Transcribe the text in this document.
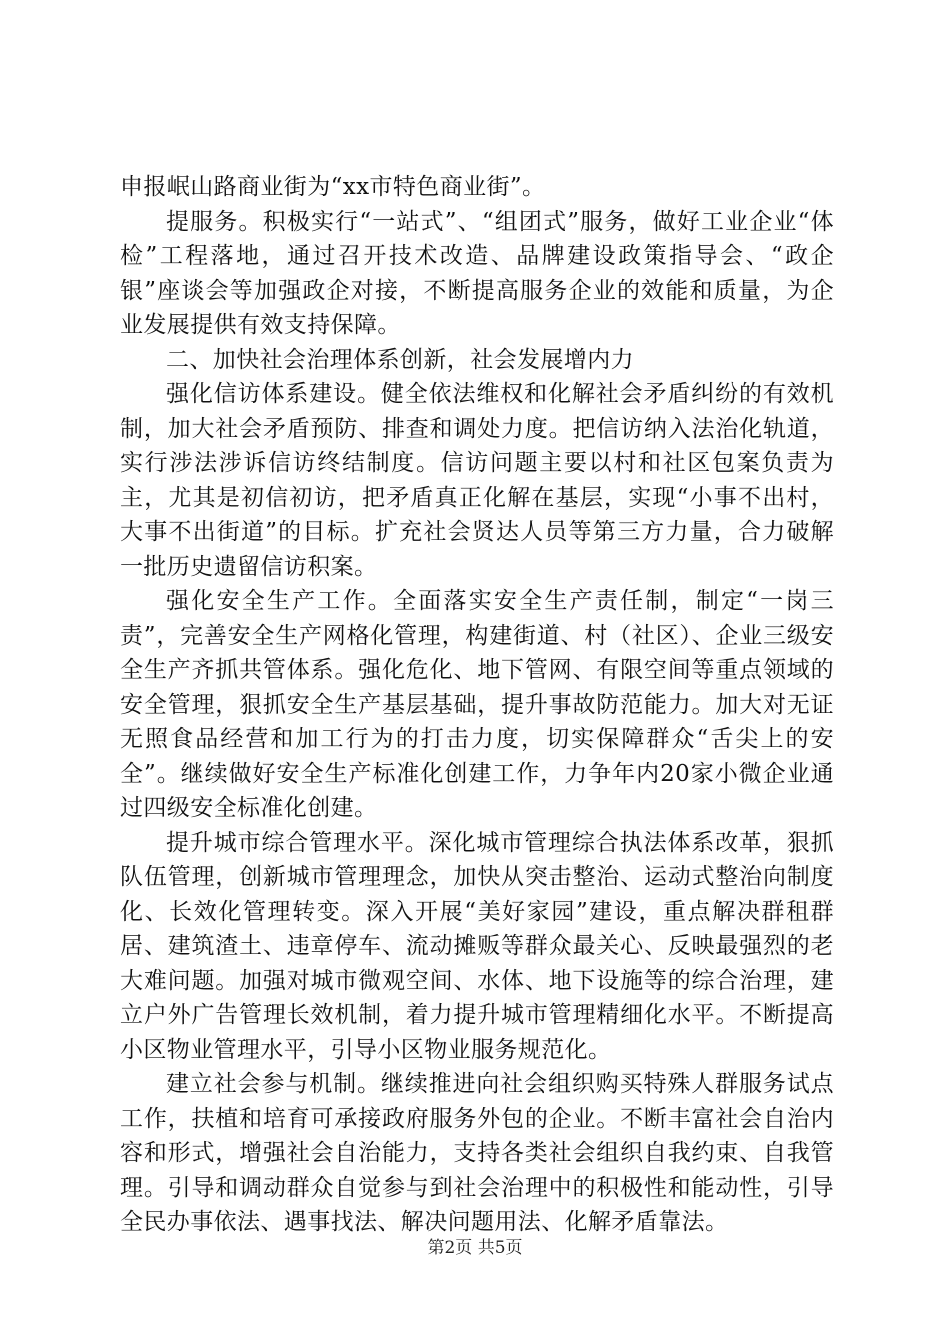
申报岷山路商业街为“xx市特色商业街”。

提服务。积极实行“一站式”、“组团式”服务，做好工业企业“体检”工程落地，通过召开技术改造、品牌建设政策指导会、“政企银”座谈会等加强政企对接，不断提高服务企业的效能和质量，为企业发展提供有效支持保障。

二、加快社会治理体系创新，社会发展增内力

强化信访体系建设。健全依法维权和化解社会矛盾纠纷的有效机制，加大社会矛盾预防、排查和调处力度。把信访纳入法治化轨道，实行涉法涉诉信访终结制度。信访问题主要以村和社区包案负责为主，尤其是初信初访，把矛盾真正化解在基层，实现“小事不出村，大事不出街道”的目标。扩充社会贤达人员等第三方力量，合力破解一批历史遗留信访积案。

强化安全生产工作。全面落实安全生产责任制，制定“一岗三责”，完善安全生产网格化管理，构建街道、村（社区）、企业三级安全生产齐抓共管体系。强化危化、地下管网、有限空间等重点领域的安全管理，狠抓安全生产基层基础，提升事故防范能力。加大对无证无照食品经营和加工行为的打击力度，切实保障群众“舌尖上的安全”。继续做好安全生产标准化创建工作，力争年内20家小微企业通过四级安全标准化创建。

提升城市综合管理水平。深化城市管理综合执法体系改革，狠抓队伍管理，创新城市管理理念，加快从突击整治、运动式整治向制度化、长效化管理转变。深入开展“美好家园”建设，重点解决群租群居、建筑渣土、违章停车、流动摊贩等群众最关心、反映最强烈的老大难问题。加强对城市微观空间、水体、地下设施等的综合治理，建立户外广告管理长效机制，着力提升城市管理精细化水平。不断提高小区物业管理水平，引导小区物业服务规范化。

建立社会参与机制。继续推进向社会组织购买特殊人群服务试点工作，扶植和培育可承接政府服务外包的企业。不断丰富社会自治内容和形式，增强社会自治能力，支持各类社会组织自我约束、自我管理。引导和调动群众自觉参与到社会治理中的积极性和能动性，引导全民办事依法、遇事找法、解决问题用法、化解矛盾靠法。

第2页 共5页
